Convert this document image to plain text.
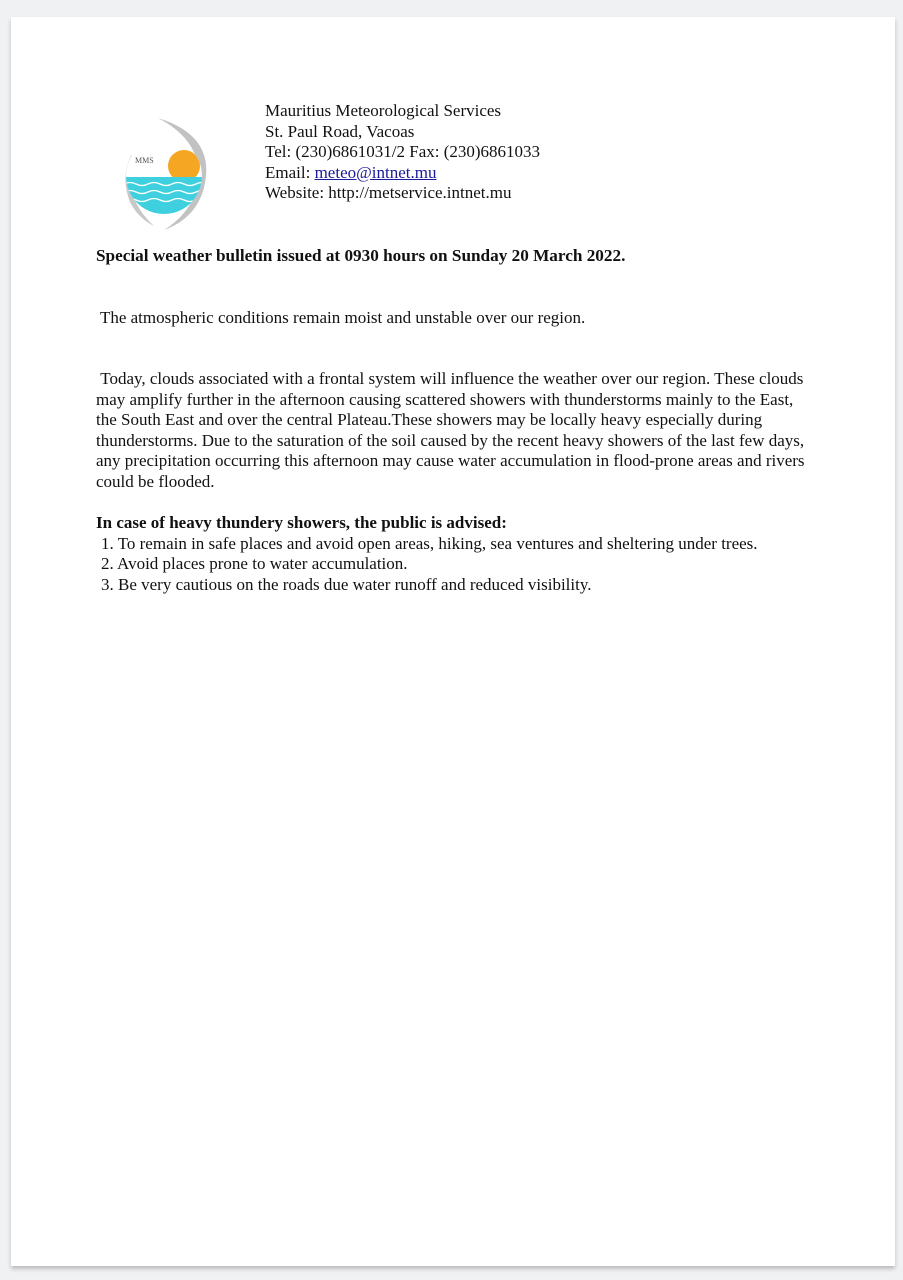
MMS
Mauritius Meteorological Services
St. Paul Road, Vacoas
Tel: (230)6861031/2 Fax: (230)6861033
Email: meteo@intnet.mu
Website: http://metservice.intnet.mu
Special weather bulletin issued at 0930 hours on Sunday 20 March 2022.
The atmospheric conditions remain moist and unstable over our region.

Today, clouds associated with a frontal system will influence the weather over our region. These clouds may amplify further in the afternoon causing scattered showers with thunderstorms mainly to the East, the South East and over the central Plateau.These showers may be locally heavy especially during thunderstorms. Due to the saturation of the soil caused by the recent heavy showers of the last few days, any precipitation occurring this afternoon may cause water accumulation in flood-prone areas and rivers could be flooded.

In case of heavy thundery showers, the public is advised:
1. To remain in safe places and avoid open areas, hiking, sea ventures and sheltering under trees.
2. Avoid places prone to water accumulation.
3. Be very cautious on the roads due water runoff and reduced visibility.
